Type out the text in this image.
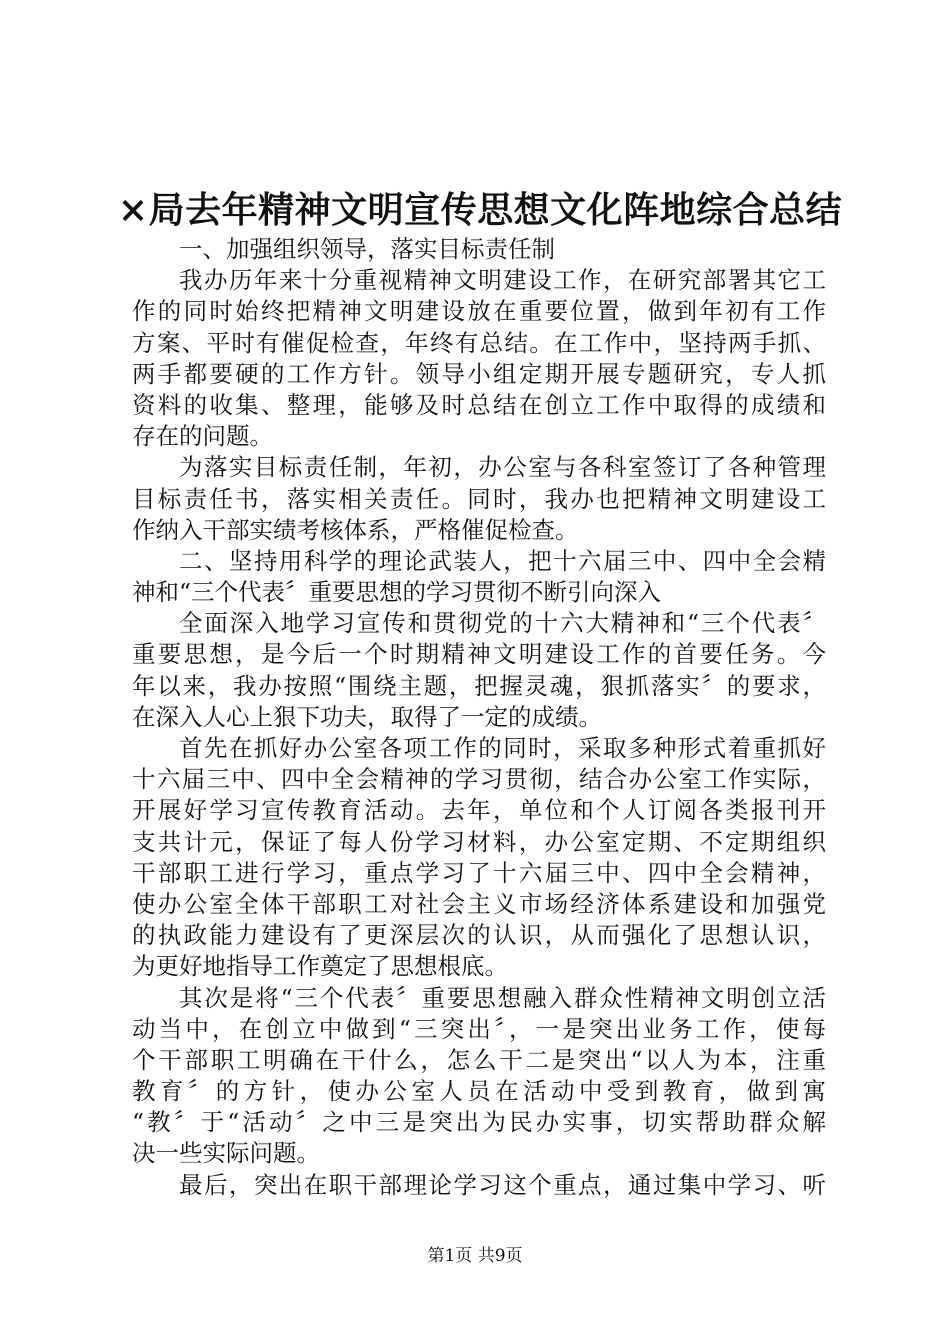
×局去年精神文明宣传思想文化阵地综合总结
一、加强组织领导，落实目标责任制
我办历年来十分重视精神文明建设工作，在研究部署其它工
作的同时始终把精神文明建设放在重要位置，做到年初有工作
方案、平时有催促检查，年终有总结。在工作中，坚持两手抓、
两手都要硬的工作方针。领导小组定期开展专题研究，专人抓
资料的收集、整理，能够及时总结在创立工作中取得的成绩和
存在的问题。
为落实目标责任制，年初，办公室与各科室签订了各种管理
目标责任书，落实相关责任。同时，我办也把精神文明建设工
作纳入干部实绩考核体系，严格催促检查。
二、坚持用科学的理论武装人，把十六届三中、四中全会精
神和“三个代表〞重要思想的学习贯彻不断引向深入
全面深入地学习宣传和贯彻党的十六大精神和“三个代表〞
重要思想，是今后一个时期精神文明建设工作的首要任务。今
年以来，我办按照“围绕主题，把握灵魂，狠抓落实〞的要求，
在深入人心上狠下功夫，取得了一定的成绩。
首先在抓好办公室各项工作的同时，采取多种形式着重抓好
十六届三中、四中全会精神的学习贯彻，结合办公室工作实际，
开展好学习宣传教育活动。去年，单位和个人订阅各类报刊开
支共计元，保证了每人份学习材料，办公室定期、不定期组织
干部职工进行学习，重点学习了十六届三中、四中全会精神，
使办公室全体干部职工对社会主义市场经济体系建设和加强党
的执政能力建设有了更深层次的认识，从而强化了思想认识，
为更好地指导工作奠定了思想根底。
其次是将“三个代表〞重要思想融入群众性精神文明创立活
动当中，在创立中做到“三突出〞，一是突出业务工作，使每
个干部职工明确在干什么，怎么干二是突出“以人为本，注重
教育〞的方针，使办公室人员在活动中受到教育，做到寓
“教〞于“活动〞之中三是突出为民办实事，切实帮助群众解
决一些实际问题。
最后，突出在职干部理论学习这个重点，通过集中学习、听
第1页 共9页
